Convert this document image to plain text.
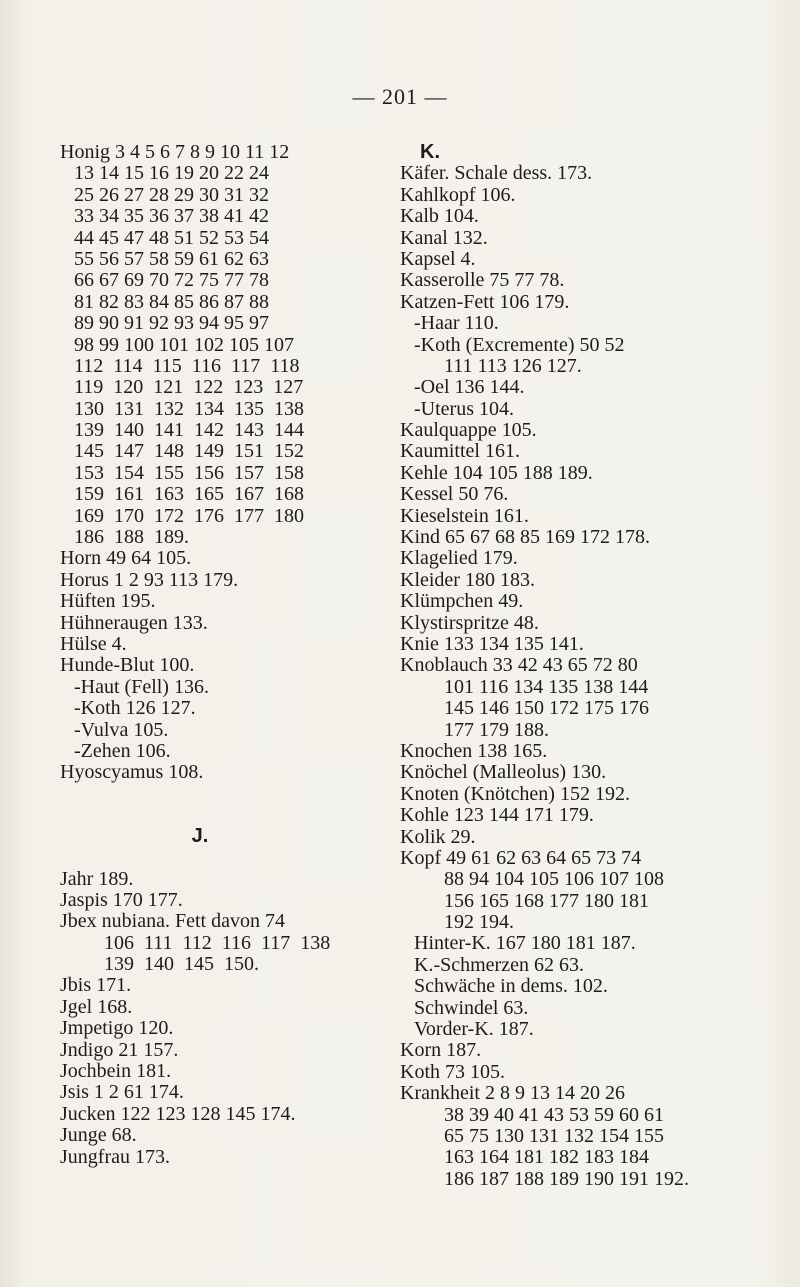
— 201 —
Honig 3 4 5 6 7 8 9 10 11 12
13 14 15 16 19 20 22 24
25 26 27 28 29 30 31 32
33 34 35 36 37 38 41 42
44 45 47 48 51 52 53 54
55 56 57 58 59 61 62 63
66 67 69 70 72 75 77 78
81 82 83 84 85 86 87 88
89 90 91 92 93 94 95 97
98 99 100 101 102 105 107
112  114  115  116  117  118
119  120  121  122  123  127
130  131  132  134  135  138
139  140  141  142  143  144
145  147  148  149  151  152
153  154  155  156  157  158
159  161  163  165  167  168
169  170  172  176  177  180
186  188  189.
Horn 49 64 105.
Horus 1 2 93 113 179.
Hüften 195.
Hühneraugen 133.
Hülse 4.
Hunde-Blut 100.
-Haut (Fell) 136.
-Koth 126 127.
-Vulva 105.
-Zehen 106.
Hyoscyamus 108.
J.
Jahr 189.
Jaspis 170 177.
Jbex nubiana. Fett davon 74
106  111  112  116  117  138
139  140  145  150.
Jbis 171.
Jgel 168.
Jmpetigo 120.
Jndigo 21 157.
Jochbein 181.
Jsis 1 2 61 174.
Jucken 122 123 128 145 174.
Junge 68.
Jungfrau 173.
K.
Käfer. Schale dess. 173.
Kahlkopf 106.
Kalb 104.
Kanal 132.
Kapsel 4.
Kasserolle 75 77 78.
Katzen-Fett 106 179.
-Haar 110.
-Koth (Excremente) 50 52
111 113 126 127.
-Oel 136 144.
-Uterus 104.
Kaulquappe 105.
Kaumittel 161.
Kehle 104 105 188 189.
Kessel 50 76.
Kieselstein 161.
Kind 65 67 68 85 169 172 178.
Klagelied 179.
Kleider 180 183.
Klümpchen 49.
Klystirspritze 48.
Knie 133 134 135 141.
Knoblauch 33 42 43 65 72 80
101 116 134 135 138 144
145 146 150 172 175 176
177 179 188.
Knochen 138 165.
Knöchel (Malleolus) 130.
Knoten (Knötchen) 152 192.
Kohle 123 144 171 179.
Kolik 29.
Kopf 49 61 62 63 64 65 73 74
88 94 104 105 106 107 108
156 165 168 177 180 181
192 194.
Hinter-K. 167 180 181 187.
K.-Schmerzen 62 63.
Schwäche in dems. 102.
Schwindel 63.
Vorder-K. 187.
Korn 187.
Koth 73 105.
Krankheit 2 8 9 13 14 20 26
38 39 40 41 43 53 59 60 61
65 75 130 131 132 154 155
163 164 181 182 183 184
186 187 188 189 190 191 192.
